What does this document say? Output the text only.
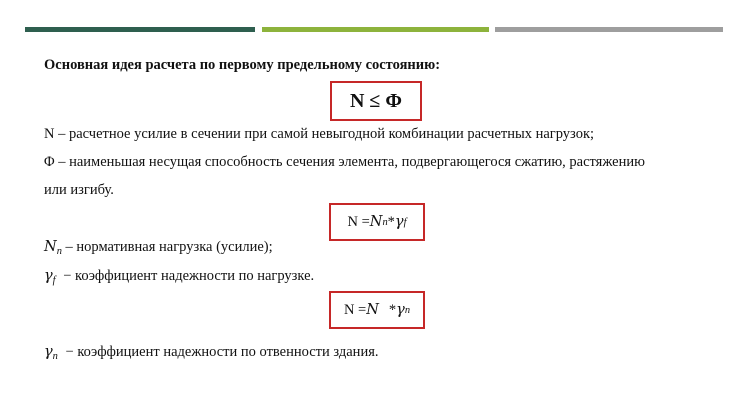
Основная идея расчета по первому предельному состоянию:
N ≤ Φ
N – расчетное усилие в сечении при самой невыгодной комбинации расчетных нагрузок;
Φ – наименьшая несущая способность сечения элемента, подвергающегося сжатию, растяжению
или изгибу.
N = N n * γ f
$N_n$ – нормативная нагрузка (усилие);
$\gamma_f$ − коэффициент надежности по нагрузке.
N = N * γ n
$\gamma_n$ − коэффициент надежности по отвенности здания.
